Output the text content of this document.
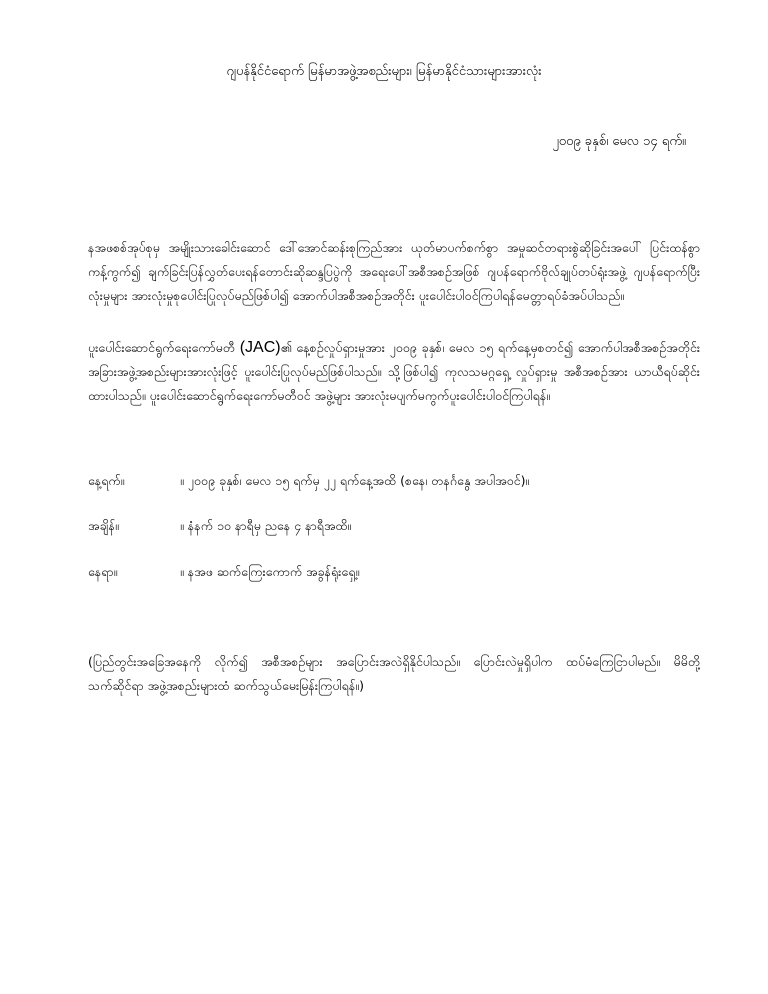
ဂျပန်နိုင်ငံရောက် မြန်မာအဖွဲ့အစည်းများ၊ မြန်မာနိုင်ငံသားများအားလုံး
၂၀၀၉ ခုနှစ်၊ မေလ ၁၄ ရက်။
နအဖစစ်အုပ်စုမှ အမျိုးသားခေါင်းဆောင် ဒေါ်အောင်ဆန်းစုကြည်အား ယုတ်မာပက်စက်စွာ အမှုဆင်တရားစွဲဆိုခြင်းအပေါ် ပြင်းထန်စွာ ကန့်ကွက်၍ ချက်ခြင်းပြန်လွှတ်ပေးရန်တောင်းဆိုဆန္ဒပြပွဲကို အရေးပေါ်အစီအစဉ်အဖြစ် ဂျပန်ရောက်ဗိုလ်ချုပ်တပ်ရုံးအဖွဲ့ ဂျပန်ရောက်ပြီးလုံးမှုများ အားလုံးမှုစုပေါင်းပြုလုပ်မည်ဖြစ်ပါ၍ အောက်ပါအစီအစဉ်အတိုင်း ပူးပေါင်းပါဝင်ကြပါရန်မေတ္တာရပ်ခံအပ်ပါသည်။
ပူးပေါင်းဆောင်ရွက်ရေးကော်မတီ (JAC)၏ နေ့စဉ်လှုပ်ရှားမှုအား ၂၀၀၉ ခုနှစ်၊ မေလ ၁၅ ရက်နေ့မှစတင်၍ အောက်ပါအစီအစဉ်အတိုင်း အခြားအဖွဲ့အစည်းများအားလုံးဖြင့် ပူးပေါင်းပြုလုပ်မည်ဖြစ်ပါသည်။ သို့ဖြစ်ပါ၍ ကုလသမဂ္ဂရှေ့ လှုပ်ရှားမှု အစီအစဉ်အား ယာယီရပ်ဆိုင်းထားပါသည်။ ပူးပေါင်းဆောင်ရွက်ရေးကော်မတီဝင် အဖွဲ့များ အားလုံးမပျက်မကွက်ပူးပေါင်းပါဝင်ကြပါရန်။
နေ့ရက်။	။ ၂၀၀၉ ခုနှစ်၊ မေလ ၁၅ ရက်မှ ၂၂ ရက်နေ့အထိ (စနေ၊ တနင်္ဂနွေ အပါအဝင်)။
အချိန်။	။ နံနက် ၁၀ နာရီမှ ညနေ ၄ နာရီအထိ။
နေရာ။	။ နအဖ ဆက်ကြေးကောက် အခွန်ရုံးရှေ့။
(ပြည်တွင်းအခြေအနေကို လိုက်၍ အစီအစဉ်များ အပြောင်းအလဲရှိနိုင်ပါသည်။ ပြောင်းလဲမှုရှိပါက ထပ်မံကြေငြာပါမည်။ မိမိတို့ သက်ဆိုင်ရာ အဖွဲ့အစည်းများထံ ဆက်သွယ်မေးမြန်းကြပါရန်။)
